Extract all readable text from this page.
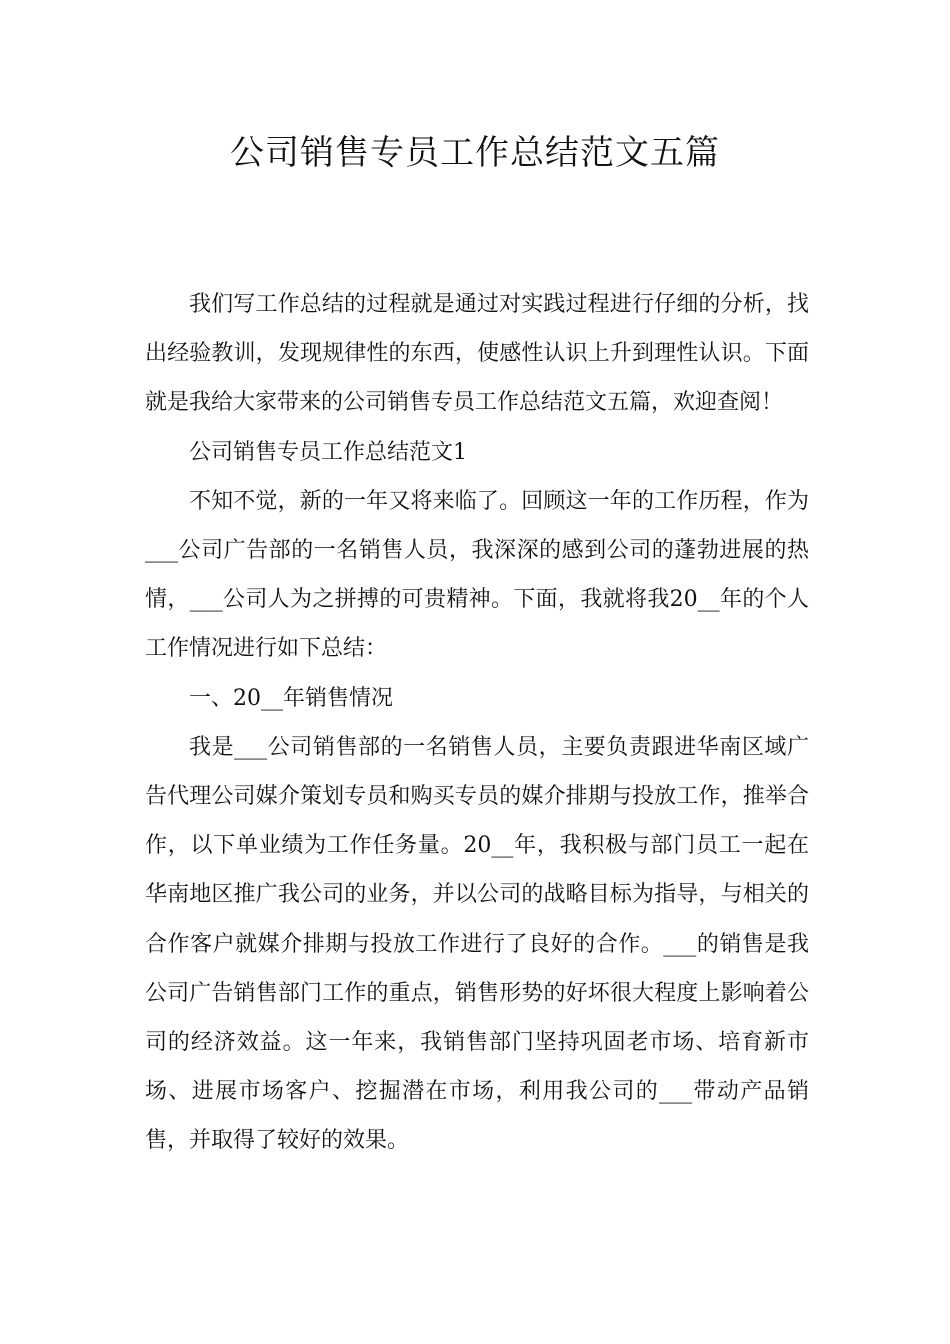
公司销售专员工作总结范文五篇

我们写工作总结的过程就是通过对实践过程进行仔细的分析，找出经验教训，发现规律性的东西，使感性认识上升到理性认识。下面就是我给大家带来的公司销售专员工作总结范文五篇，欢迎查阅！

公司销售专员工作总结范文1

不知不觉，新的一年又将来临了。回顾这一年的工作历程，作为___公司广告部的一名销售人员，我深深的感到公司的蓬勃进展的热情，___公司人为之拼搏的可贵精神。下面，我就将我20__年的个人工作情况进行如下总结：

一、20__年销售情况

我是___公司销售部的一名销售人员，主要负责跟进华南区域广告代理公司媒介策划专员和购买专员的媒介排期与投放工作，推举合作，以下单业绩为工作任务量。20__年，我积极与部门员工一起在华南地区推广我公司的业务，并以公司的战略目标为指导，与相关的合作客户就媒介排期与投放工作进行了良好的合作。___的销售是我公司广告销售部门工作的重点，销售形势的好坏很大程度上影响着公司的经济效益。这一年来，我销售部门坚持巩固老市场、培育新市场、进展市场客户、挖掘潜在市场，利用我公司的___带动产品销售，并取得了较好的效果。
